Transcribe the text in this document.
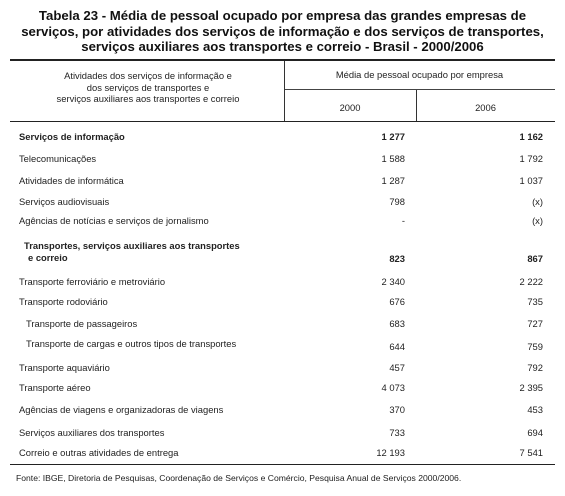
Tabela 23 - Média de pessoal ocupado por empresa das grandes empresas de
serviços, por atividades dos serviços de informação e dos serviços de transportes,
serviços auxiliares aos transportes e correio - Brasil - 2000/2006
Atividades dos serviços de informação e
dos serviços de transportes e
serviços auxiliares aos transportes e correio
Média de pessoal ocupado por empresa
2000	2006
Serviços de informação	1 277	1 162
Telecomunicações	1 588	1 792
Atividades de informática	1 287	1 037
Serviços audiovisuais	798	(x)
Agências de notícias e serviços de jornalismo	-	(x)
Transportes, serviços auxiliares aos transportes
e correio	823	867
Transporte ferroviário e metroviário	2 340	2 222
Transporte rodoviário	676	735
Transporte de passageiros	683	727
Transporte de cargas e outros tipos de transportes	644	759
Transporte aquaviário	457	792
Transporte aéreo	4 073	2 395
Agências de viagens e organizadoras de viagens	370	453
Serviços auxiliares dos transportes	733	694
Correio e outras atividades de entrega	12 193	7 541
Fonte: IBGE, Diretoria de Pesquisas, Coordenação de Serviços e Comércio, Pesquisa Anual de Serviços 2000/2006.
